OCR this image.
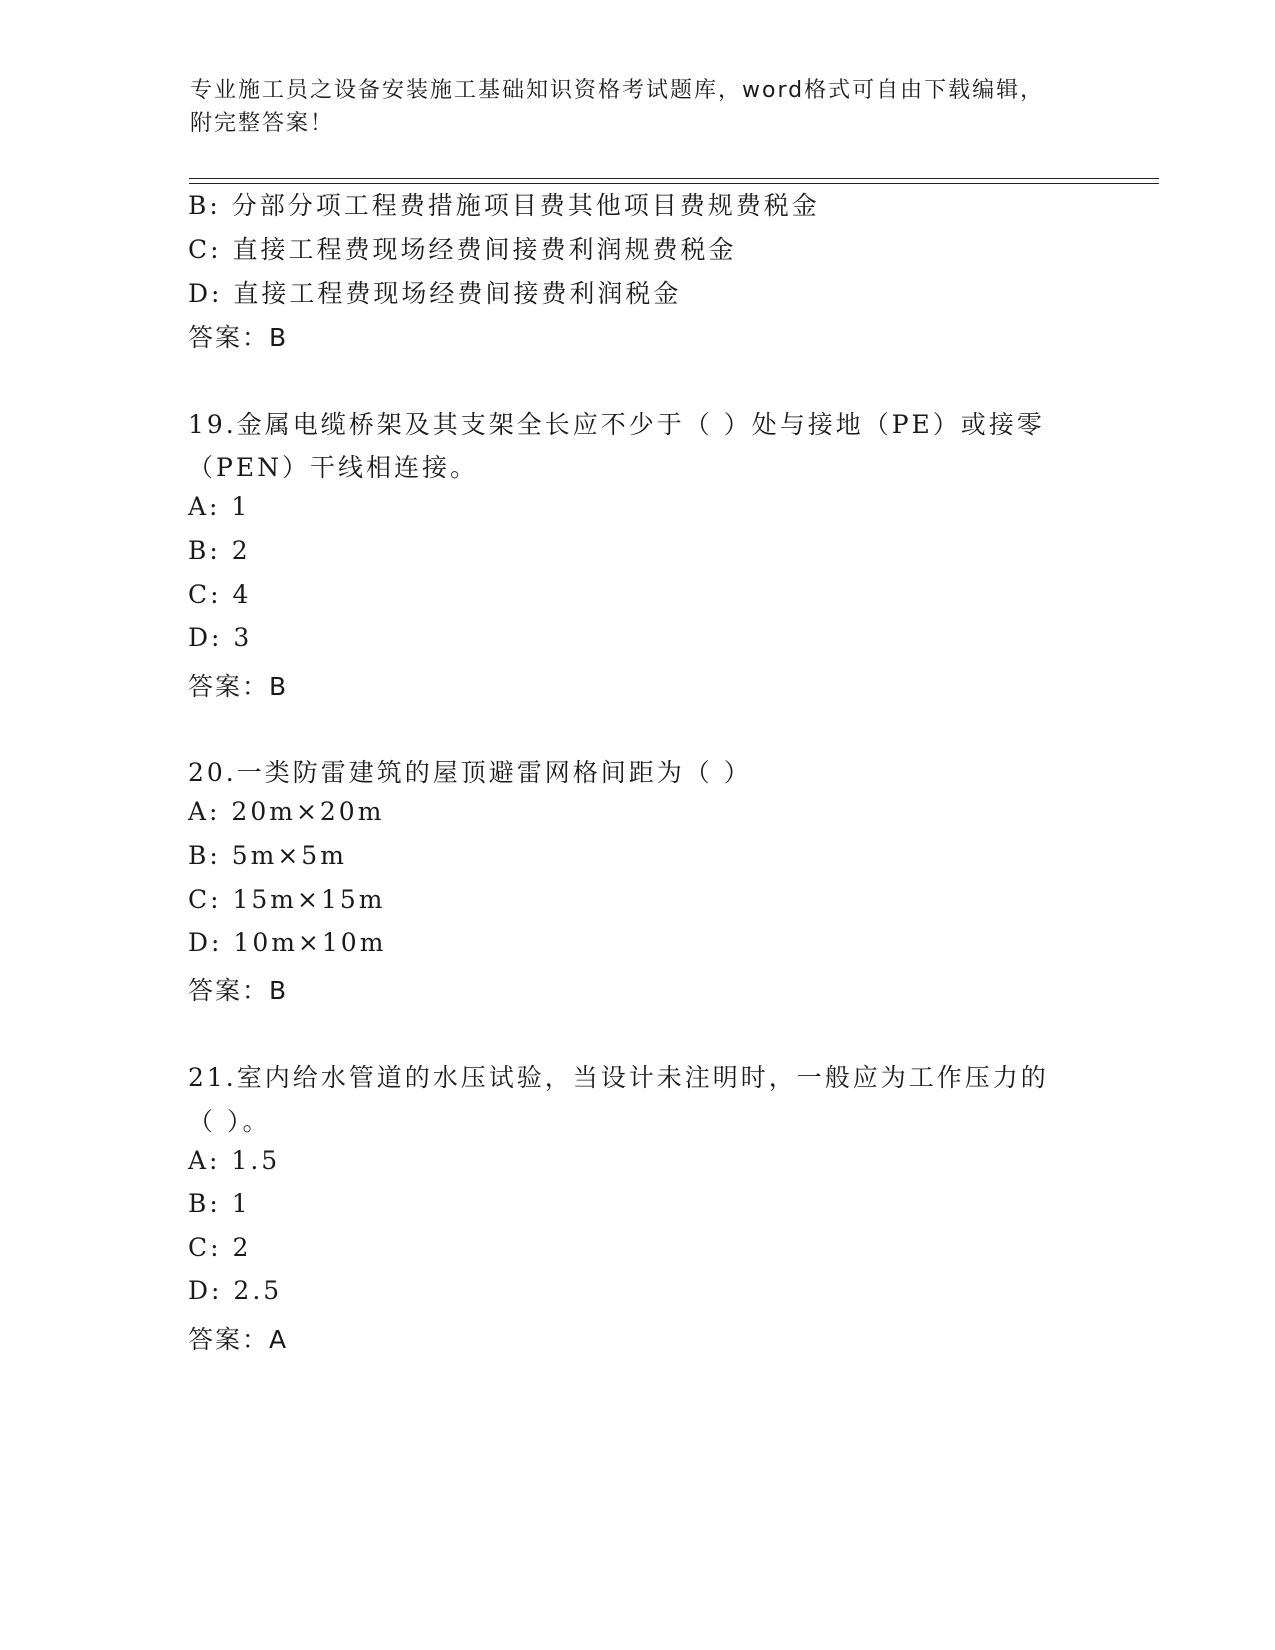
专业施工员之设备安装施工基础知识资格考试题库，word格式可自由下载编辑，
附完整答案！
B: 分部分项工程费措施项目费其他项目费规费税金
C: 直接工程费现场经费间接费利润规费税金
D: 直接工程费现场经费间接费利润税金
答案：B
19.金属电缆桥架及其支架全长应不少于（ ）处与接地（PE）或接零
（PEN）干线相连接。
A: 1
B: 2
C: 4
D: 3
答案：B
20.一类防雷建筑的屋顶避雷网格间距为（ ）
A: 20m×20m
B: 5m×5m
C: 15m×15m
D: 10m×10m
答案：B
21.室内给水管道的水压试验，当设计未注明时，一般应为工作压力的
（ ）。
A: 1.5
B: 1
C: 2
D: 2.5
答案：A
